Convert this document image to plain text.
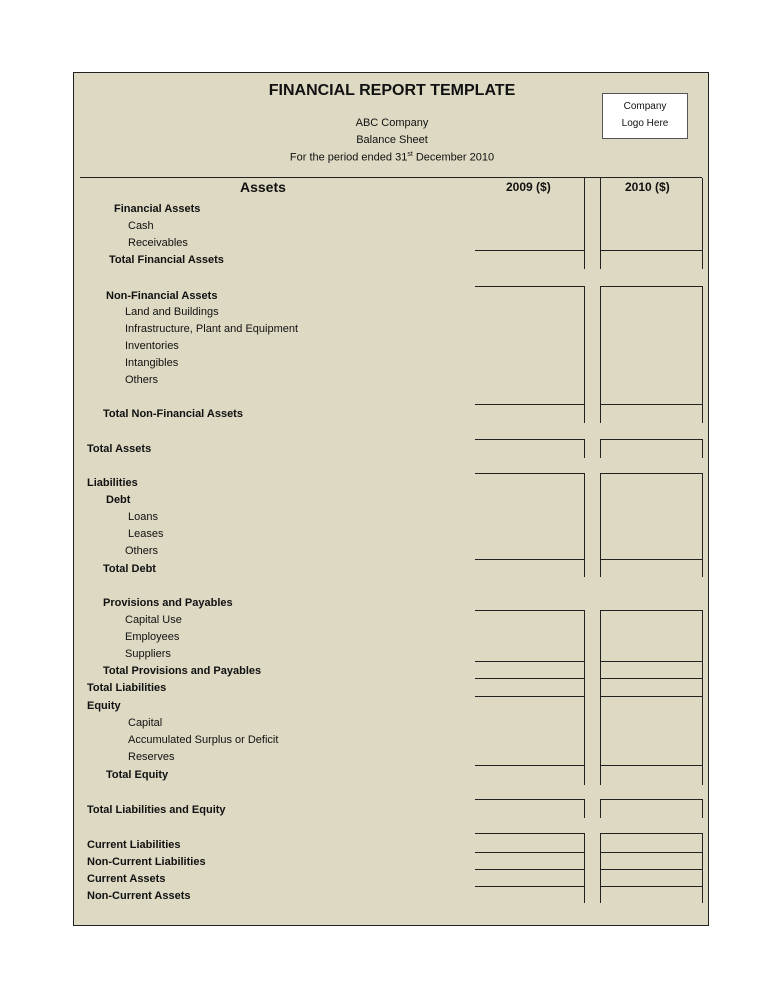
FINANCIAL REPORT TEMPLATE
ABC Company
Balance Sheet
For the period ended 31st December 2010
Company
Logo Here
Assets	2009 ($)	2010 ($)
Financial Assets
Cash
Receivables
Total Financial Assets
Non-Financial Assets
Land and Buildings
Infrastructure, Plant and Equipment
Inventories
Intangibles
Others
Total Non-Financial Assets
Total Assets
Liabilities
Debt
Loans
Leases
Others
Total Debt
Provisions and Payables
Capital Use
Employees
Suppliers
Total Provisions and Payables
Total Liabilities
Equity
Capital
Accumulated Surplus or Deficit
Reserves
Total Equity
Total Liabilities and Equity
Current Liabilities
Non-Current Liabilities
Current Assets
Non-Current Assets
